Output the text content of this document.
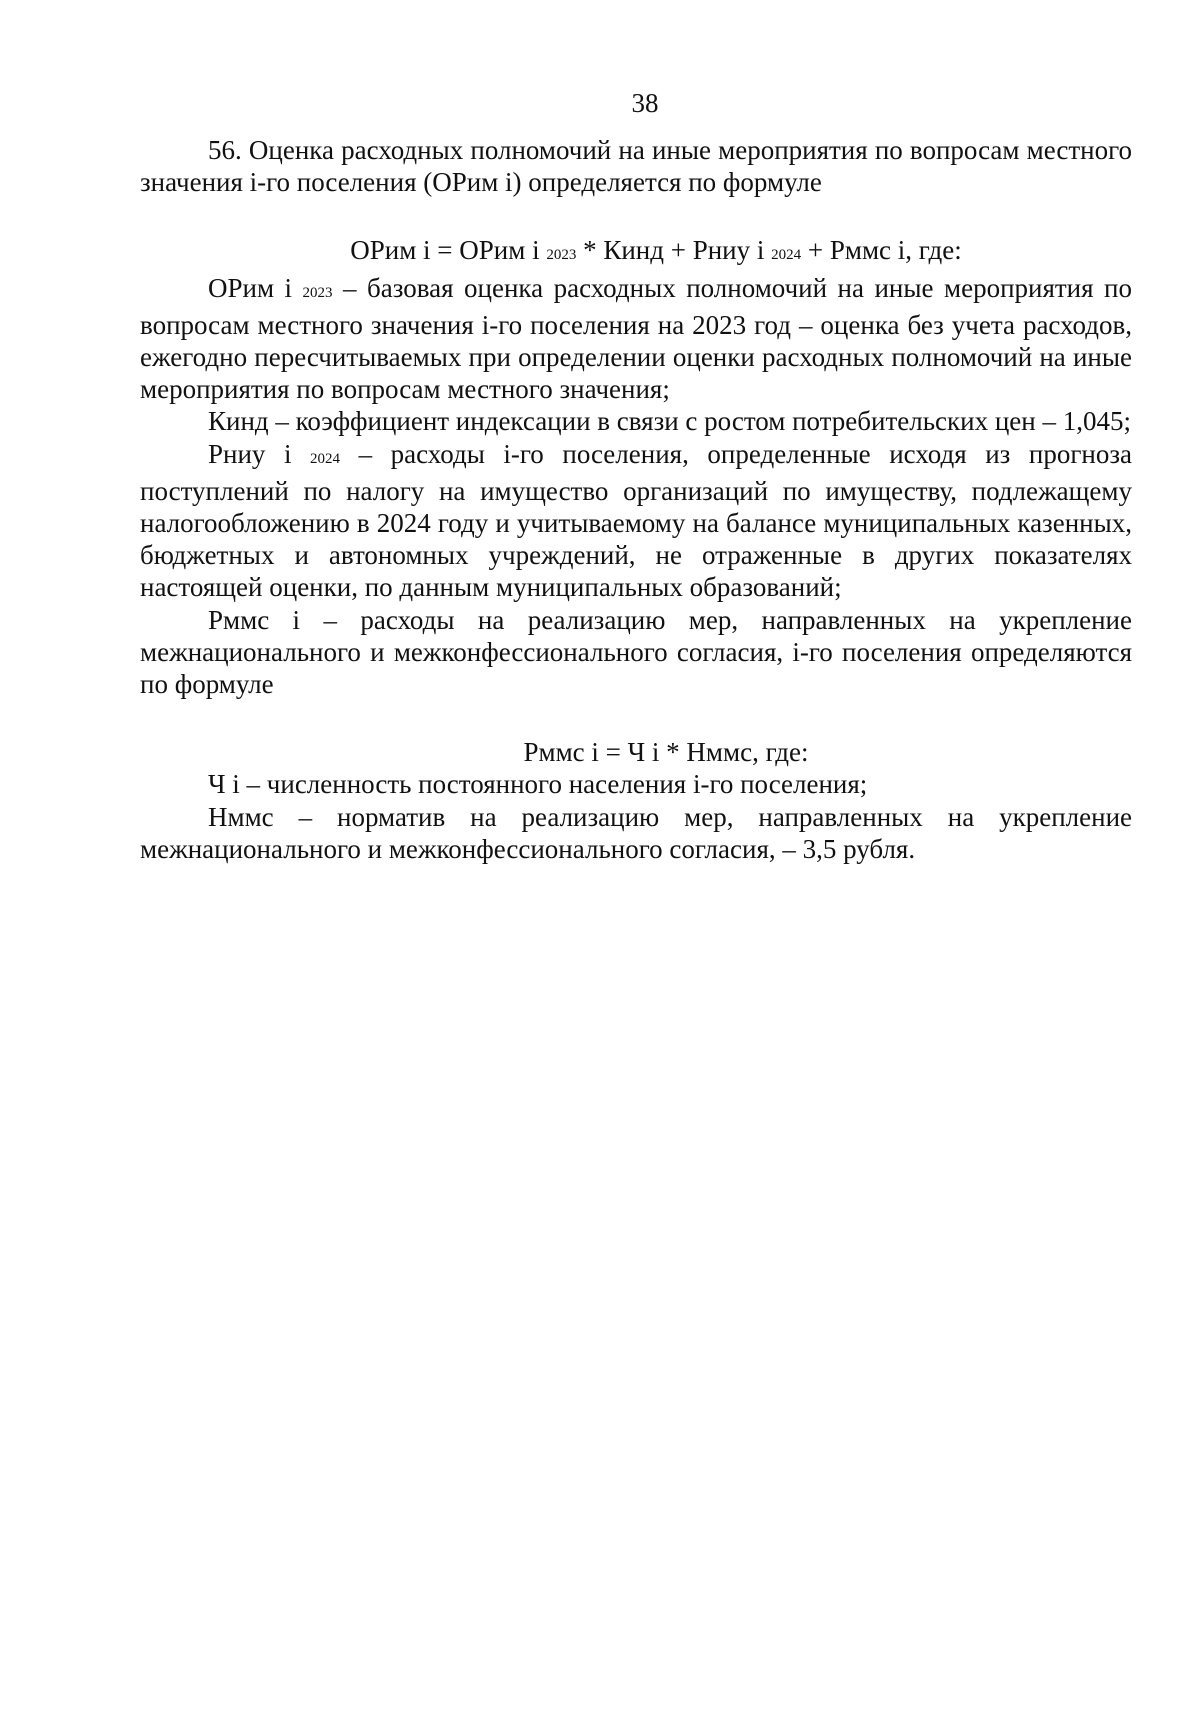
38

56. Оценка расходных полномочий на иные мероприятия по вопросам местного значения i-го поселения (ОРим i) определяется по формуле

ОРим i = ОРим i 2023 * Кинд + Рниу i 2024 + Рммс i, где:

ОРим i 2023 – базовая оценка расходных полномочий на иные мероприятия по вопросам местного значения i-го поселения на 2023 год – оценка без учета расходов, ежегодно пересчитываемых при определении оценки расходных полномочий на иные мероприятия по вопросам местного значения;

Кинд – коэффициент индексации в связи с ростом потребительских цен – 1,045;

Рниу i 2024 – расходы i-го поселения, определенные исходя из прогноза поступлений по налогу на имущество организаций по имуществу, подлежащему налогообложению в 2024 году и учитываемому на балансе муниципальных казенных, бюджетных и автономных учреждений, не отраженные в других показателях настоящей оценки, по данным муниципальных образований;

Рммс i – расходы на реализацию мер, направленных на укрепление межнационального и межконфессионального согласия, i-го поселения определяются по формуле

Рммс i = Ч i * Нммс, где:

Ч i – численность постоянного населения i-го поселения;

Нммс – норматив на реализацию мер, направленных на укрепление межнационального и межконфессионального согласия, – 3,5 рубля.
